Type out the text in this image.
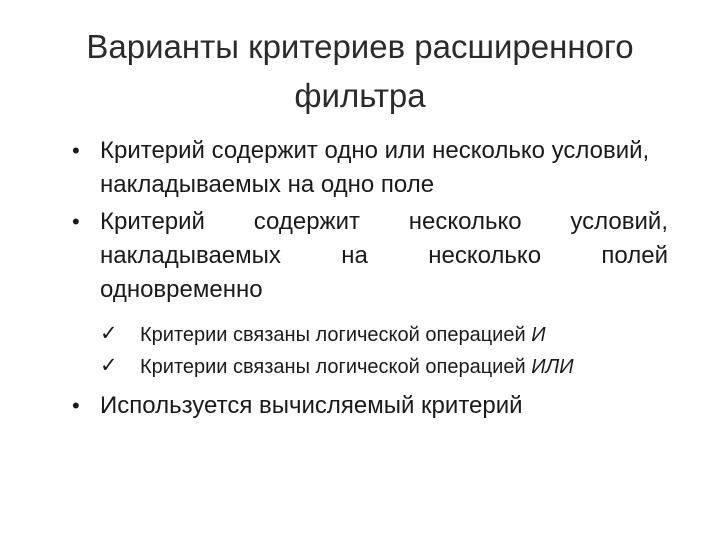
Варианты критериев расширенного
фильтра
• Критерий содержит одно или несколько условий, накладываемых на одно поле
• Критерий содержит несколько условий, накладываемых на несколько полей одновременно
✓ Критерии связаны логической операцией И
✓ Критерии связаны логической операцией ИЛИ
• Используется вычисляемый критерий
